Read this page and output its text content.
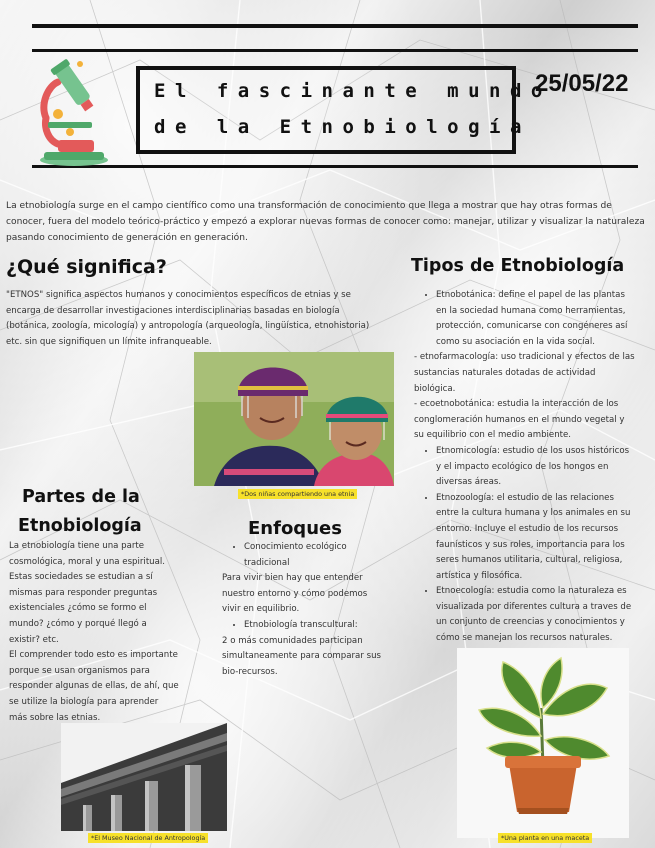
El fascinante mundo
de la Etnobiología
25/05/22
La etnobiología surge en el campo científico como una transformación de conocimiento que llega a mostrar que hay otras formas de conocer, fuera del modelo teórico-práctico y empezó a explorar nuevas formas de conocer como: manejar, utilizar y visualizar la naturaleza pasando conocimiento de generación en generación.
¿Qué significa?
"ETNOS" significa aspectos humanos y conocimientos específicos de etnias y se encarga de desarrollar investigaciones interdisciplinarias basadas en biología (botánica, zoología, micología) y antropología (arqueología, lingüística, etnohistoria) etc. sin que signifiquen un límite infranqueable.
*Dos niñas compartiendo una etnia
Partes de la
Etnobiología
La etnobiología tiene una parte cosmológica, moral y una espiritual. Estas sociedades se estudian a sí mismas para responder preguntas existenciales ¿cómo se formo el mundo? ¿cómo y porqué llegó a existir? etc.
El comprender todo esto es importante porque se usan organismos para responder algunas de ellas, de ahí, que se utilize la biología para aprender más sobre las etnias.
*El Museo Nacional de Antropología
Enfoques
• Conocimiento ecológico tradicional
Para vivir bien hay que entender nuestro entorno y cómo podemos vivir en equilibrio.
• Etnobiología transcultural:
2 o más comunidades participan simultaneamente para comparar sus bio-recursos.
Tipos de Etnobiología
• Etnobotánica: define el papel de las plantas en la sociedad humana como herramientas, protección, comunicarse con congéneres así como su asociación en la vida social.
- etnofarmacología: uso tradicional y efectos de las sustancias naturales dotadas de actividad biológica.
- ecoetnobotánica: estudia la interacción de los conglomeración humanos en el mundo vegetal y su equilibrio con el medio ambiente.
• Etnomicología: estudio de los usos históricos y el impacto ecológico de los hongos en diversas áreas.
• Etnozoología: el estudio de las relaciones entre la cultura humana y los animales en su entorno. Incluye el estudio de los recursos faunísticos y sus roles, importancia para los seres humanos utilitaria, cultural, religiosa, artística y filosófica.
• Etnoecología: estudia como la naturaleza es visualizada por diferentes cultura a traves de un conjunto de creencias y conocimientos y cómo se manejan los recursos naturales.
*Una planta en una maceta
